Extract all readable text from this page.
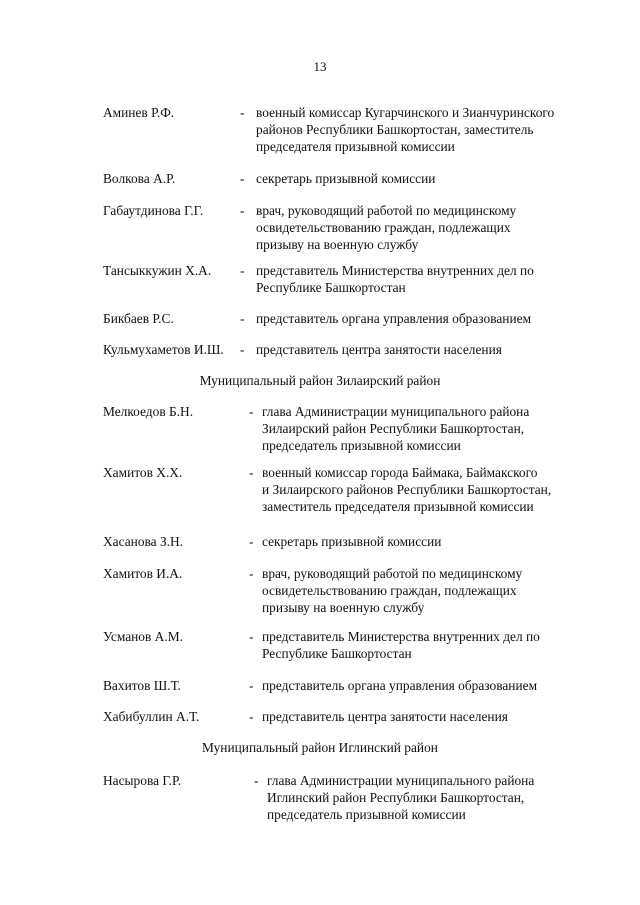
13
Аминев Р.Ф.	- военный комиссар Кугарчинского и Зианчуринского
районов Республики Башкортостан, заместитель
председателя призывной комиссии
Волкова А.Р.	- секретарь призывной комиссии
Габаутдинова Г.Г.	- врач, руководящий работой по медицинскому
освидетельствованию граждан, подлежащих
призыву на военную службу
Тансыккужин Х.А. - представитель Министерства внутренних дел по
Республике Башкортостан
Бикбаев Р.С.	- представитель органа управления образованием
Кульмухаметов И.Ш. - представитель центра занятости населения
Муниципальный район Зилаирский район
Мелкоедов Б.Н.	- глава Администрации муниципального района
Зилаирский район Республики Башкортостан,
председатель призывной комиссии
Хамитов Х.Х.	- военный комиссар города Баймака, Баймакского
и Зилаирского районов Республики Башкортостан,
заместитель председателя призывной комиссии
Хасанова З.Н.	- секретарь призывной комиссии
Хамитов И.А.	- врач, руководящий работой по медицинскому
освидетельствованию граждан, подлежащих
призыву на военную службу
Усманов А.М.	- представитель Министерства внутренних дел по
Республике Башкортостан
Вахитов Ш.Т.	- представитель органа управления образованием
Хабибуллин А.Т.	- представитель центра занятости населения
Муниципальный район Иглинский район
Насырова Г.Р.	- глава Администрации муниципального района
Иглинский район Республики Башкортостан,
председатель призывной комиссии
